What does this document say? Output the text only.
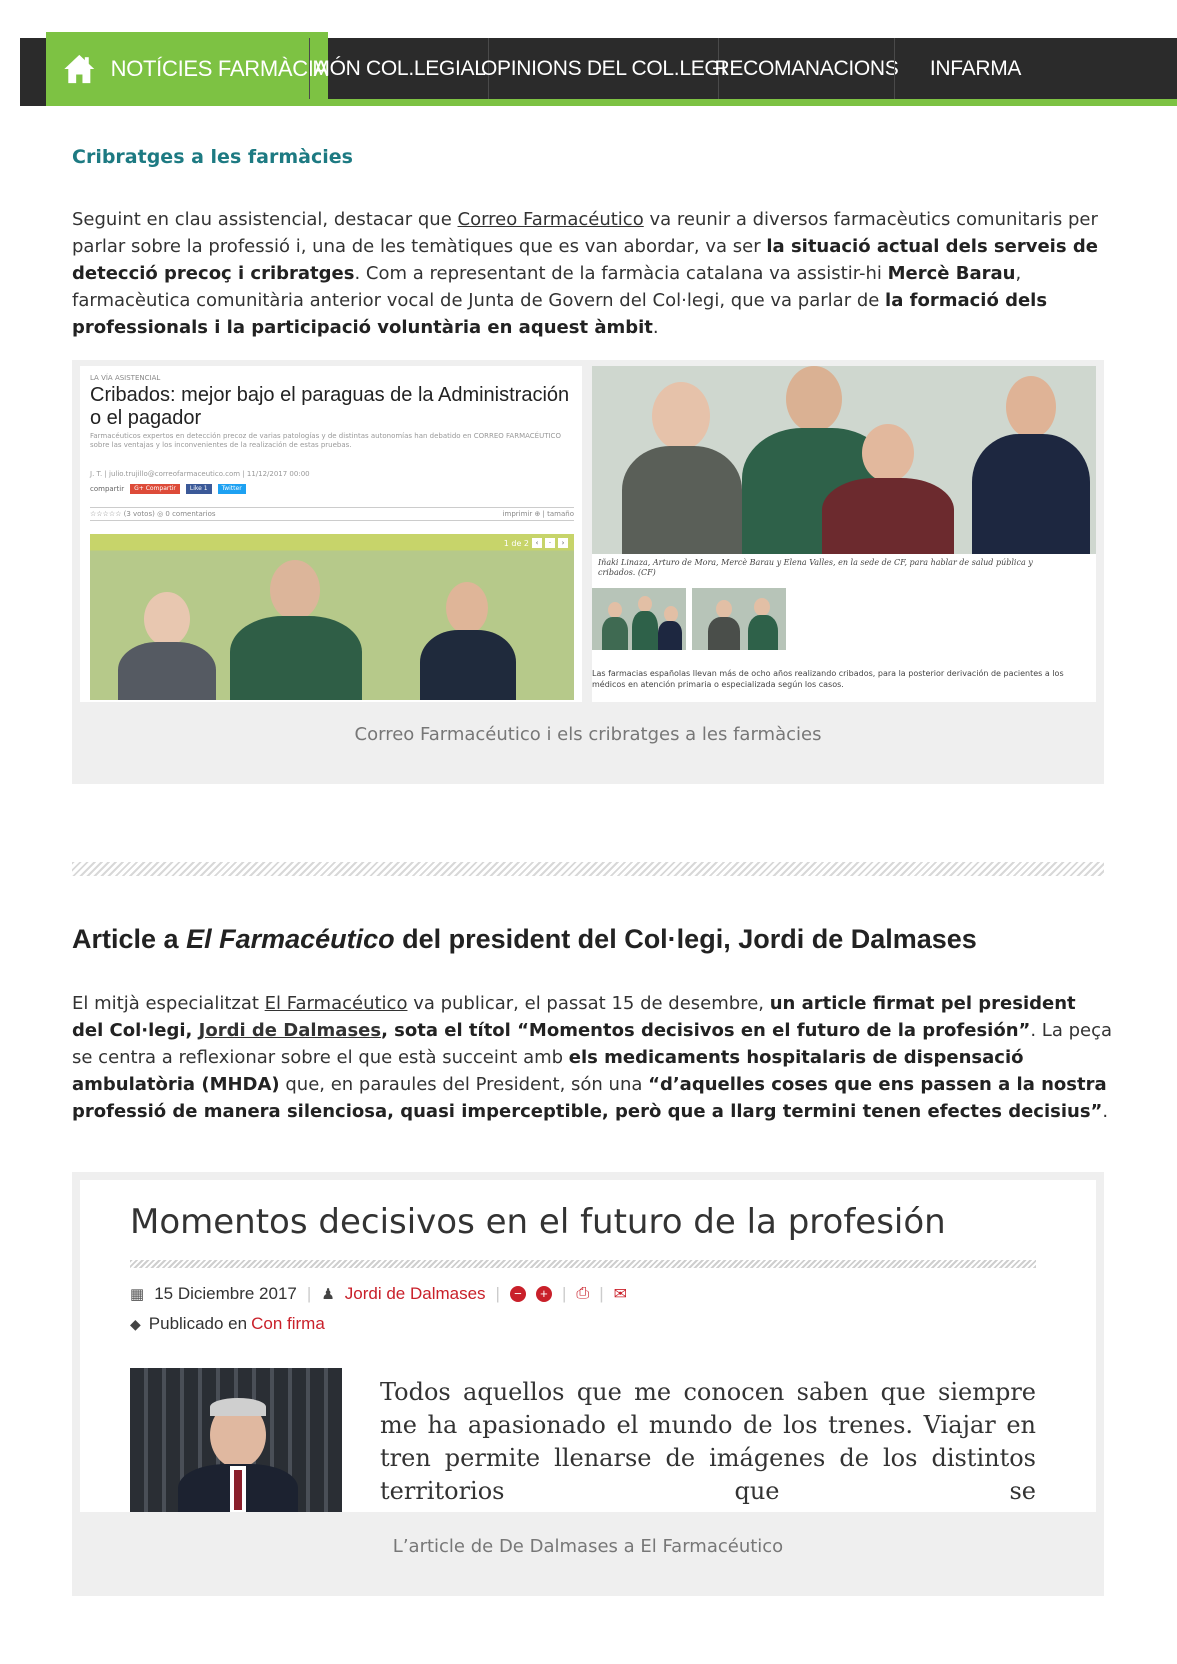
NOTÍCIES FARMÀCIA
MÓN COL.LEGIAL
OPINIONS DEL COL.LEGI
RECOMANACIONS	INFARMA
Cribratges a les farmàcies

Seguint en clau assistencial, destacar que Correo Farmacéutico va reunir a diversos farmacèutics comunitaris per parlar sobre la professió i, una de les temàtiques que es van abordar, va ser la situació actual dels serveis de detecció precoç i cribratges. Com a representant de la farmàcia catalana va assistir-hi Mercè Barau, farmacèutica comunitària anterior vocal de Junta de Govern del Col·legi, que va parlar de la formació dels professionals i la participació voluntària en aquest àmbit.

LA VÍA ASISTENCIAL
Cribados: mejor bajo el paraguas de la Administración o el pagador
Farmacéuticos expertos en detección precoz de varias patologías y de distintas autonomías han debatido en CORREO FARMACÉUTICO sobre las ventajas y los inconvenientes de la realización de estas pruebas.
J. T. | julio.trujillo@correofarmaceutico.com | 11/12/2017 00:00
compartir	G+ Compartir	Like 1	Twitter
☆☆☆☆☆ (3 votos) ◎ 0 comentarios	imprimir ⊕ | tamaño
1 de 2 ‹	·	›
Iñaki Linaza, Arturo de Mora, Mercè Barau y Elena Valles, en la sede de CF, para hablar de salud pública y cribados. (CF)
Las farmacias españolas llevan más de ocho años realizando cribados, para la posterior derivación de pacientes a los médicos en atención primaria o especializada según los casos.
Correo Farmacéutico i els cribratges a les farmàcies
Article a El Farmacéutico del president del Col·legi, Jordi de Dalmases

El mitjà especialitzat El Farmacéutico va publicar, el passat 15 de desembre, un article firmat pel president del Col·legi, Jordi de Dalmases, sota el títol “Momentos decisivos en el futuro de la profesión”. La peça se centra a reflexionar sobre el que està succeint amb els medicaments hospitalaris de dispensació ambulatòria (MHDA) que, en paraules del President, són una “d’aquelles coses que ens passen a la nostra professió de manera silenciosa, quasi imperceptible, però que a llarg termini tenen efectes decisius”.

Momentos decisivos en el futuro de la profesión
▦ 15 Diciembre 2017 | ♟ Jordi de Dalmases |	−	+ | ⎙ | ✉
◆ Publicado en Con firma
Todos aquellos que me conocen saben que siempre me ha apasionado el mundo de los trenes. Viajar en tren permite llenarse de imágenes de los distintos territorios que se
L’article de De Dalmases a El Farmacéutico
